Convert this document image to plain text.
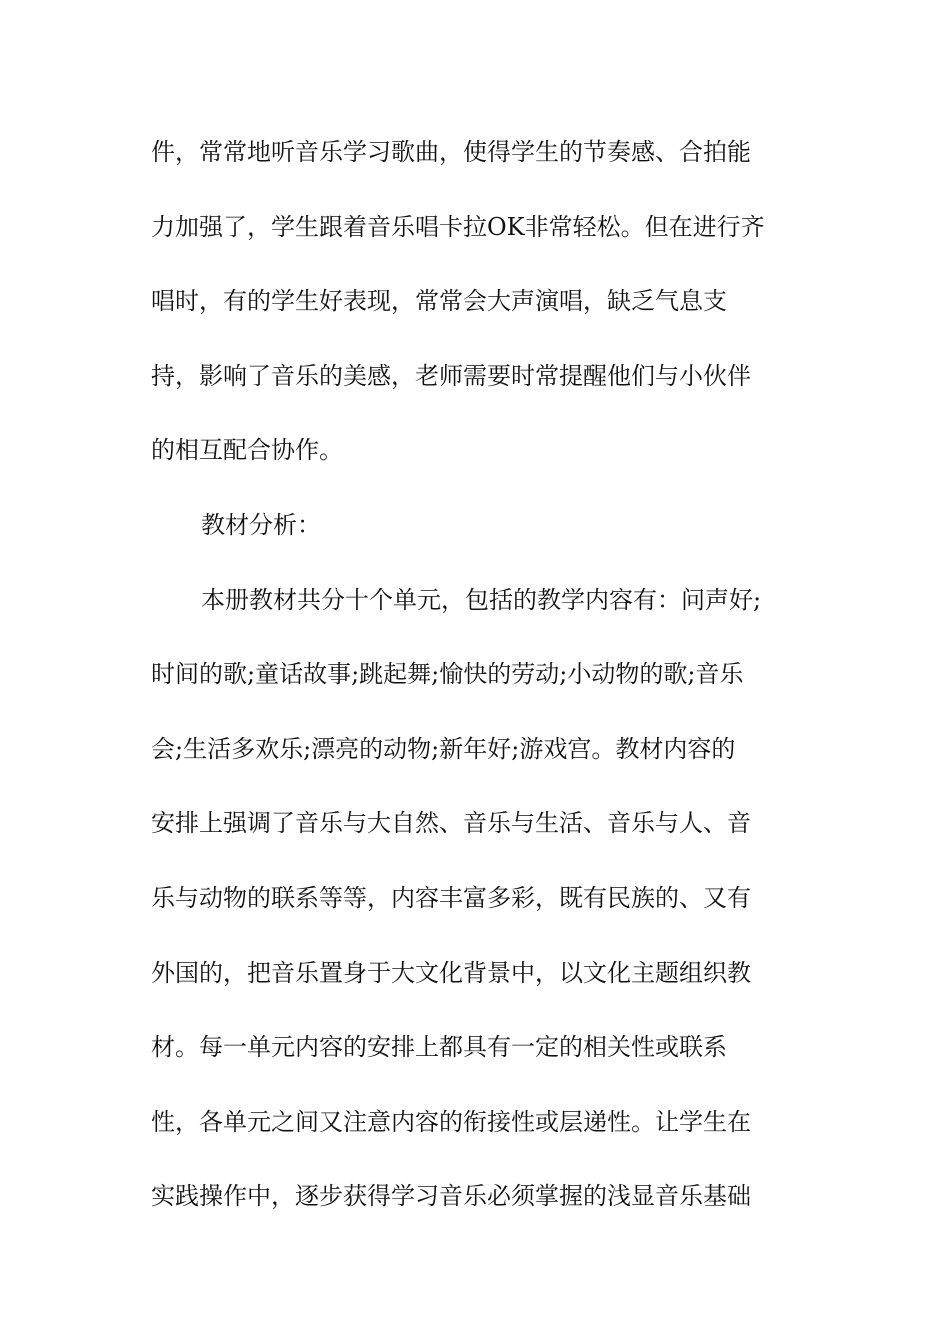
件，常常地听音乐学习歌曲，使得学生的节奏感、合拍能
力加强了，学生跟着音乐唱卡拉OK非常轻松。但在进行齐
唱时，有的学生好表现，常常会大声演唱，缺乏气息支
持，影响了音乐的美感，老师需要时常提醒他们与小伙伴
的相互配合协作。
教材分析：
本册教材共分十个单元，包括的教学内容有：问声好;
时间的歌;童话故事;跳起舞;愉快的劳动;小动物的歌;音乐
会;生活多欢乐;漂亮的动物;新年好;游戏宫。教材内容的
安排上强调了音乐与大自然、音乐与生活、音乐与人、音
乐与动物的联系等等，内容丰富多彩，既有民族的、又有
外国的，把音乐置身于大文化背景中，以文化主题组织教
材。每一单元内容的安排上都具有一定的相关性或联系
性，各单元之间又注意内容的衔接性或层递性。让学生在
实践操作中，逐步获得学习音乐必须掌握的浅显音乐基础
